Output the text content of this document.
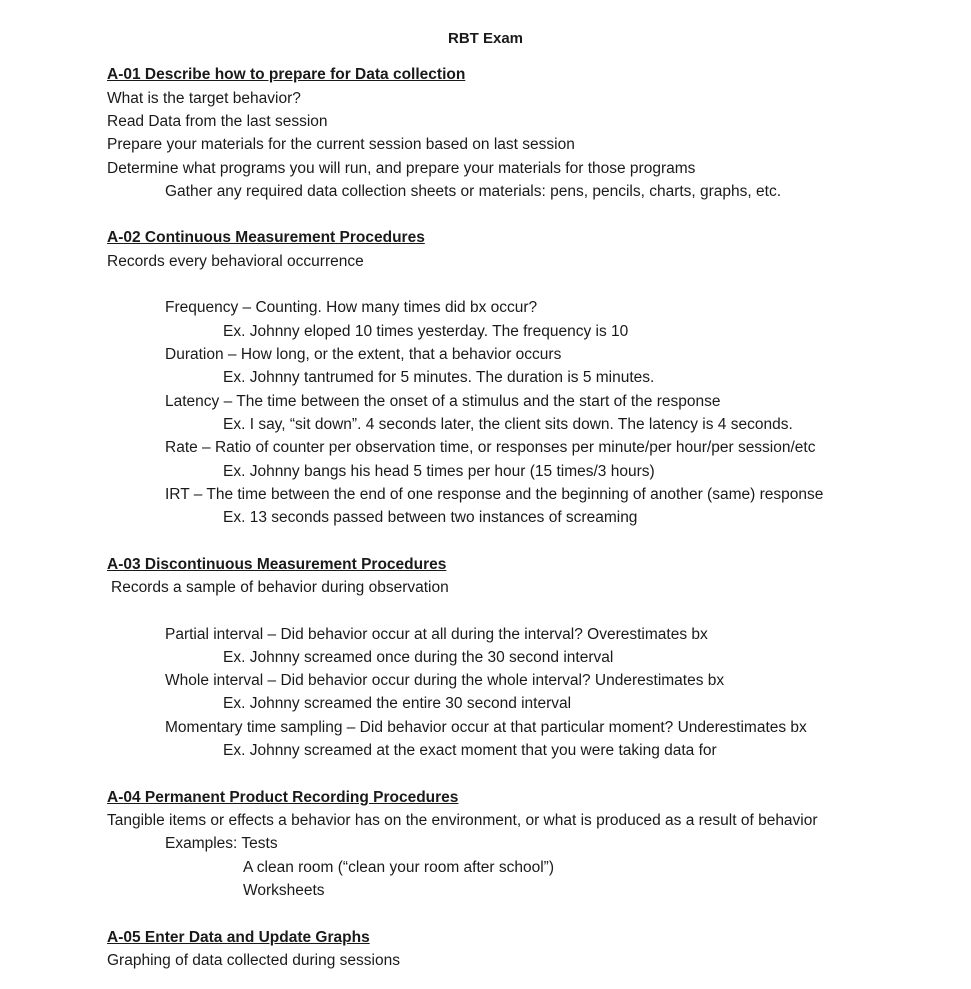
RBT Exam
A-01 Describe how to prepare for Data collection
What is the target behavior?
Read Data from the last session
Prepare your materials for the current session based on last session
Determine what programs you will run, and prepare your materials for those programs
Gather any required data collection sheets or materials: pens, pencils, charts, graphs, etc.
A-02 Continuous Measurement Procedures
Records every behavioral occurrence
Frequency – Counting. How many times did bx occur?
Ex. Johnny eloped 10 times yesterday. The frequency is 10
Duration – How long, or the extent, that a behavior occurs
Ex. Johnny tantrumed for 5 minutes. The duration is 5 minutes.
Latency – The time between the onset of a stimulus and the start of the response
Ex. I say, “sit down”. 4 seconds later, the client sits down. The latency is 4 seconds.
Rate – Ratio of counter per observation time, or responses per minute/per hour/per session/etc
Ex. Johnny bangs his head 5 times per hour (15 times/3 hours)
IRT – The time between the end of one response and the beginning of another (same) response
Ex. 13 seconds passed between two instances of screaming
A-03 Discontinuous Measurement Procedures
Records a sample of behavior during observation
Partial interval – Did behavior occur at all during the interval? Overestimates bx
Ex. Johnny screamed once during the 30 second interval
Whole interval – Did behavior occur during the whole interval? Underestimates bx
Ex. Johnny screamed the entire 30 second interval
Momentary time sampling – Did behavior occur at that particular moment? Underestimates bx
Ex. Johnny screamed at the exact moment that you were taking data for
A-04 Permanent Product Recording Procedures
Tangible items or effects a behavior has on the environment, or what is produced as a result of behavior
Examples: Tests
A clean room (“clean your room after school”)
Worksheets
A-05 Enter Data and Update Graphs
Graphing of data collected during sessions
